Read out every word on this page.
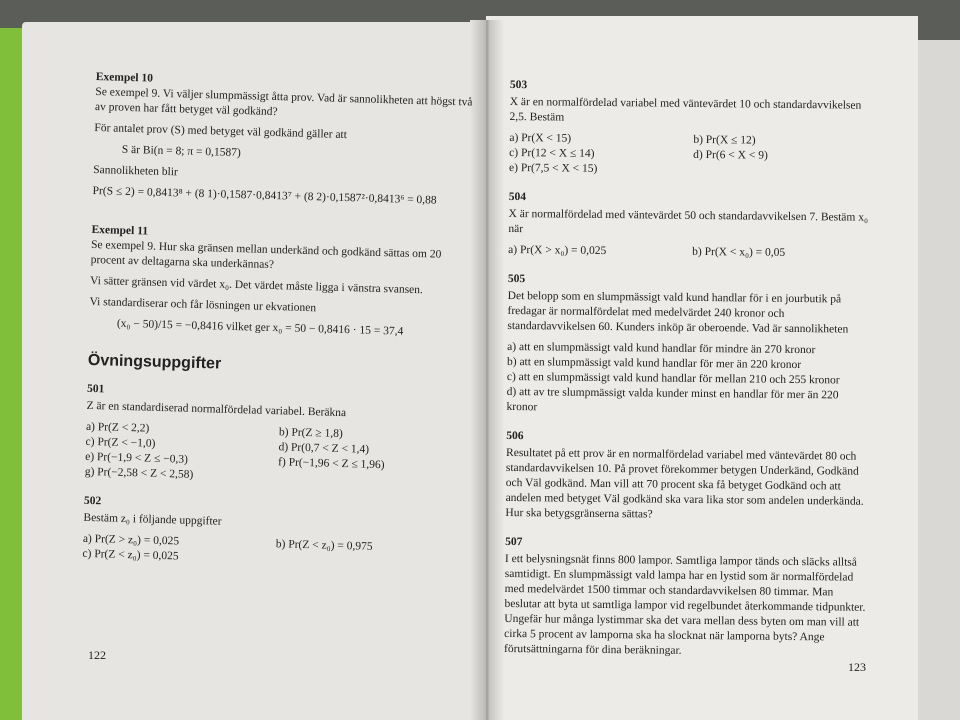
Exempel 10

Se exempel 9. Vi väljer slumpmässigt åtta prov. Vad är sannolikheten att högst två av proven har fått betyget väl godkänd?

För antalet prov (S) med betyget väl godkänd gäller att

S är Bi(n = 8; π = 0,1587)

Sannolikheten blir

Pr(S ≤ 2) = 0,8413⁸ + (8 1)·0,1587·0,8413⁷ + (8 2)·0,1587²·0,8413⁶ = 0,88

Exempel 11

Se exempel 9. Hur ska gränsen mellan underkänd och godkänd sättas om 20 procent av deltagarna ska underkännas?

Vi sätter gränsen vid värdet x₀. Det värdet måste ligga i vänstra svansen.

Vi standardiserar och får lösningen ur ekvationen

(x₀ − 50)/15 = −0,8416 vilket ger x₀ = 50 − 0,8416 · 15 = 37,4

Övningsuppgifter

501

Z är en standardiserad normalfördelad variabel. Beräkna

a) Pr(Z < 2,2)	b) Pr(Z ≥ 1,8)
c) Pr(Z < −1,0)	d) Pr(0,7 < Z < 1,4)
e) Pr(−1,9 < Z ≤ −0,3)	f) Pr(−1,96 < Z ≤ 1,96)
g) Pr(−2,58 < Z < 2,58)

502

Bestäm z₀ i följande uppgifter

a) Pr(Z > z₀) = 0,025	b) Pr(Z < z₀) = 0,975
c) Pr(Z < z₀) = 0,025
122

503

X är en normalfördelad variabel med väntevärdet 10 och standardavvikelsen 2,5. Bestäm

a) Pr(X < 15)	b) Pr(X ≤ 12)
c) Pr(12 < X ≤ 14)	d) Pr(6 < X < 9)
e) Pr(7,5 < X < 15)

504

X är normalfördelad med väntevärdet 50 och standardavvikelsen 7. Bestäm x₀ när

a) Pr(X > x₀) = 0,025	b) Pr(X < x₀) = 0,05

505

Det belopp som en slumpmässigt vald kund handlar för i en jourbutik på fredagar är normalfördelat med medelvärdet 240 kronor och standardavvikelsen 60. Kunders inköp är oberoende. Vad är sannolikheten

a) att en slumpmässigt vald kund handlar för mindre än 270 kronor
b) att en slumpmässigt vald kund handlar för mer än 220 kronor
c) att en slumpmässigt vald kund handlar för mellan 210 och 255 kronor
d) att av tre slumpmässigt valda kunder minst en handlar för mer än 220 kronor

506

Resultatet på ett prov är en normalfördelad variabel med väntevärdet 80 och standardavvikelsen 10. På provet förekommer betygen Underkänd, Godkänd och Väl godkänd. Man vill att 70 procent ska få betyget Godkänd och att andelen med betyget Väl godkänd ska vara lika stor som andelen underkända. Hur ska betygsgränserna sättas?

507

I ett belysningsnät finns 800 lampor. Samtliga lampor tänds och släcks alltså samtidigt. En slumpmässigt vald lampa har en lystid som är normalfördelad med medelvärdet 1500 timmar och standardavvikelsen 80 timmar. Man beslutar att byta ut samtliga lampor vid regelbundet återkommande tidpunkter. Ungefär hur många lystimmar ska det vara mellan dess byten om man vill att cirka 5 procent av lamporna ska ha slocknat när lamporna byts? Ange förutsättningarna för dina beräkningar.

123
